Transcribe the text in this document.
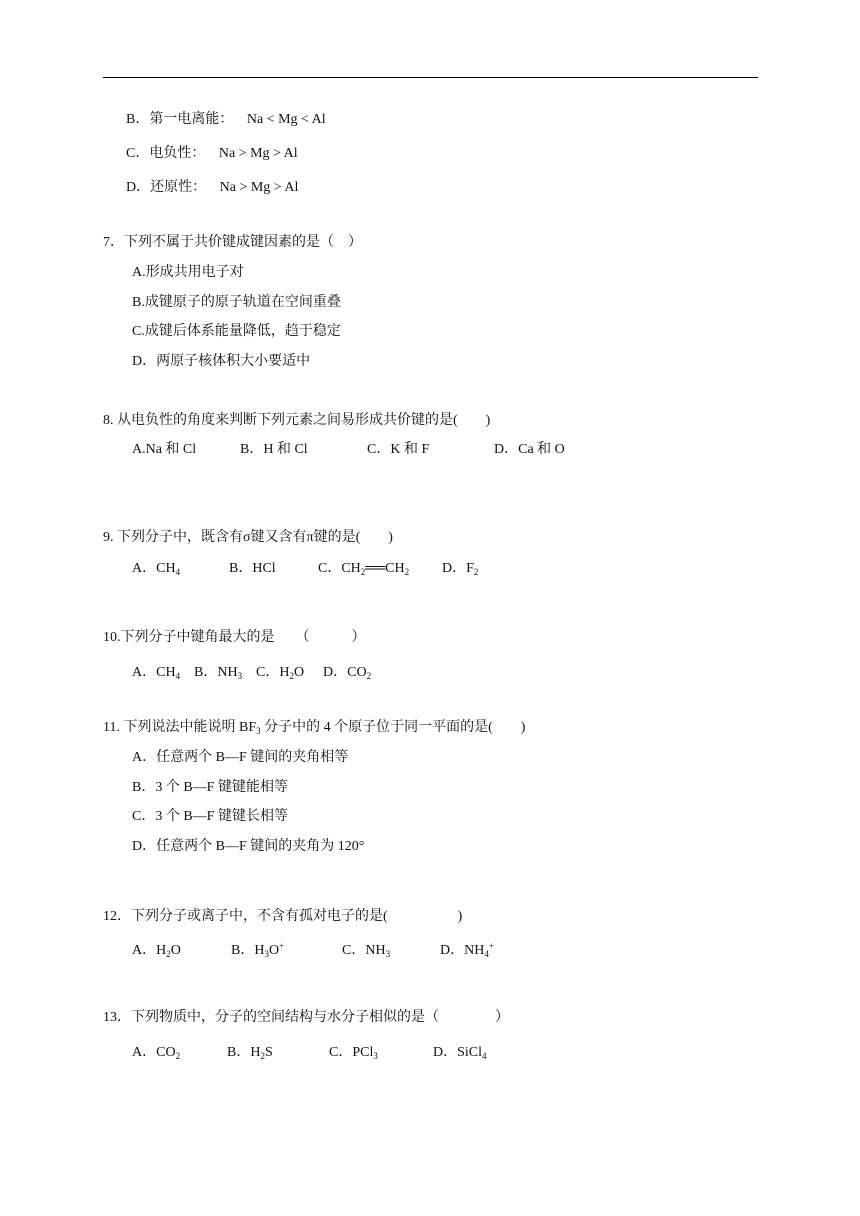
B．第一电离能： Na < Mg < Al
C．电负性： Na > Mg > Al
D．还原性： Na > Mg > Al
7．下列不属于共价键成键因素的是（　）
A.形成共用电子对
B.成键原子的原子轨道在空间重叠
C.成键后体系能量降低，趋于稳定
D．两原子核体积大小要适中
8. 从电负性的角度来判断下列元素之间易形成共价键的是(　　)
A.Na 和 Cl	B．H 和 Cl	C．K 和 F	D．Ca 和 O
9. 下列分子中，既含有σ键又含有π键的是(　　)
A．$CH_4$	B．HCl	C．$CH_2══CH_2$ D．$F_2$
10.下列分子中键角最大的是　　（　　　）
A．$CH_4$ B．$NH_3$ C．$H_2O$ D．$CO_2$
11. 下列说法中能说明 $BF_3$ 分子中的 4 个原子位于同一平面的是(　　)
A．任意两个 B—F 键间的夹角相等
B．3 个 B—F 键键能相等
C．3 个 B—F 键键长相等
D．任意两个 B—F 键间的夹角为 120°
12．下列分子或离子中，不含有孤对电子的是(　　　　　)
A．$H_2O$	B．$H_3O^+$	C．$NH_3$	D．$NH_4^+$
13．下列物质中，分子的空间结构与水分子相似的是（　　　　）
A．$CO_2$	B．$H_2S$	C．PCl$_3$	D．SiCl$_4$
